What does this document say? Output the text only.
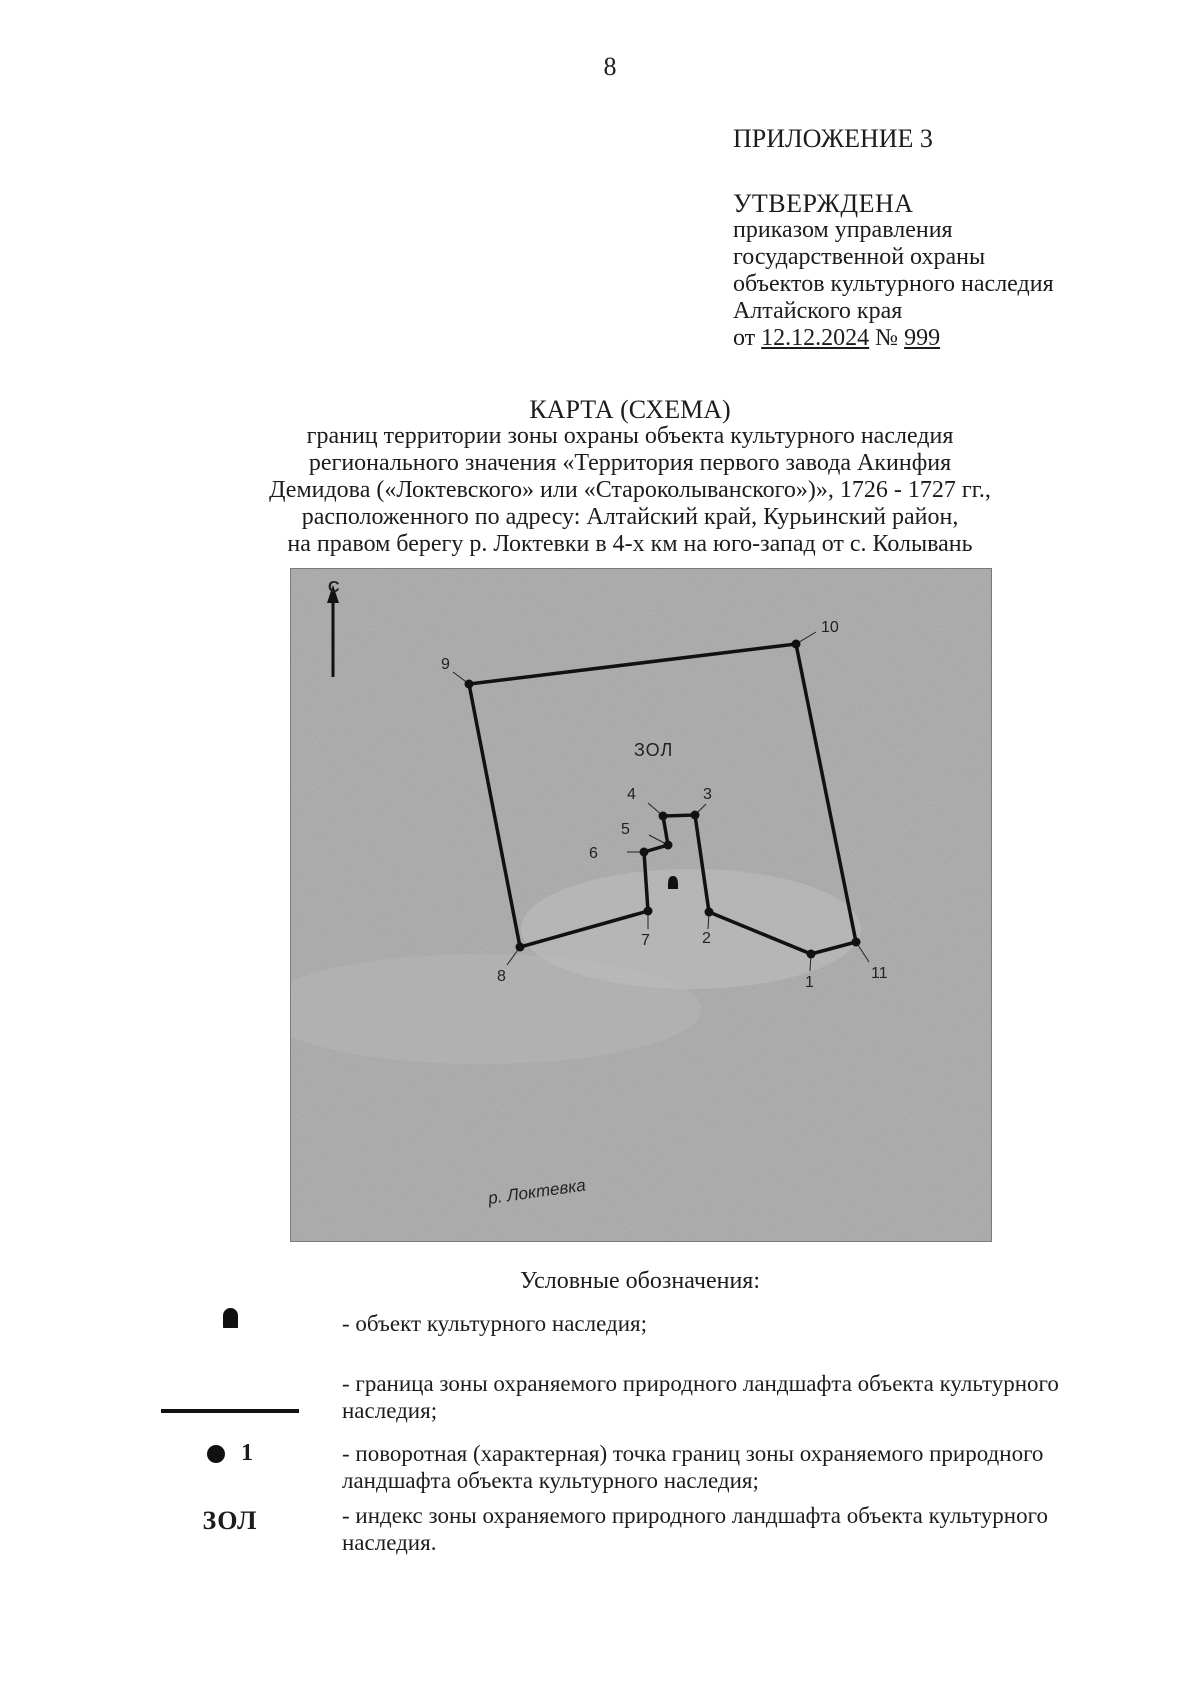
8
ПРИЛОЖЕНИЕ 3
УТВЕРЖДЕНА
приказом управления
государственной охраны
объектов культурного наследия
Алтайского края
от 12.12.2024 № 999
КАРТА (СХЕМА)
границ территории зоны охраны объекта культурного наследия
регионального значения «Территория первого завода Акинфия
Демидова («Локтевского» или «Староколыванского»)», 1726 - 1727 гг.,
расположенного по адресу: Алтайский край, Курьинский район,
на правом берегу р. Локтевки в 4-х км на юго-запад от с. Колывань
С
1
2
3
4
5
6
7
8
9
10
11
ЗОЛ
р. Локтевка
Условные обозначения:
- объект культурного наследия;
- граница зоны охраняемого природного ландшафта объекта культурного наследия;
1	- поворотная (характерная) точка границ зоны охраняемого природного ландшафта объекта культурного наследия;
ЗОЛ	- индекс зоны охраняемого природного ландшафта объекта культурного наследия.
